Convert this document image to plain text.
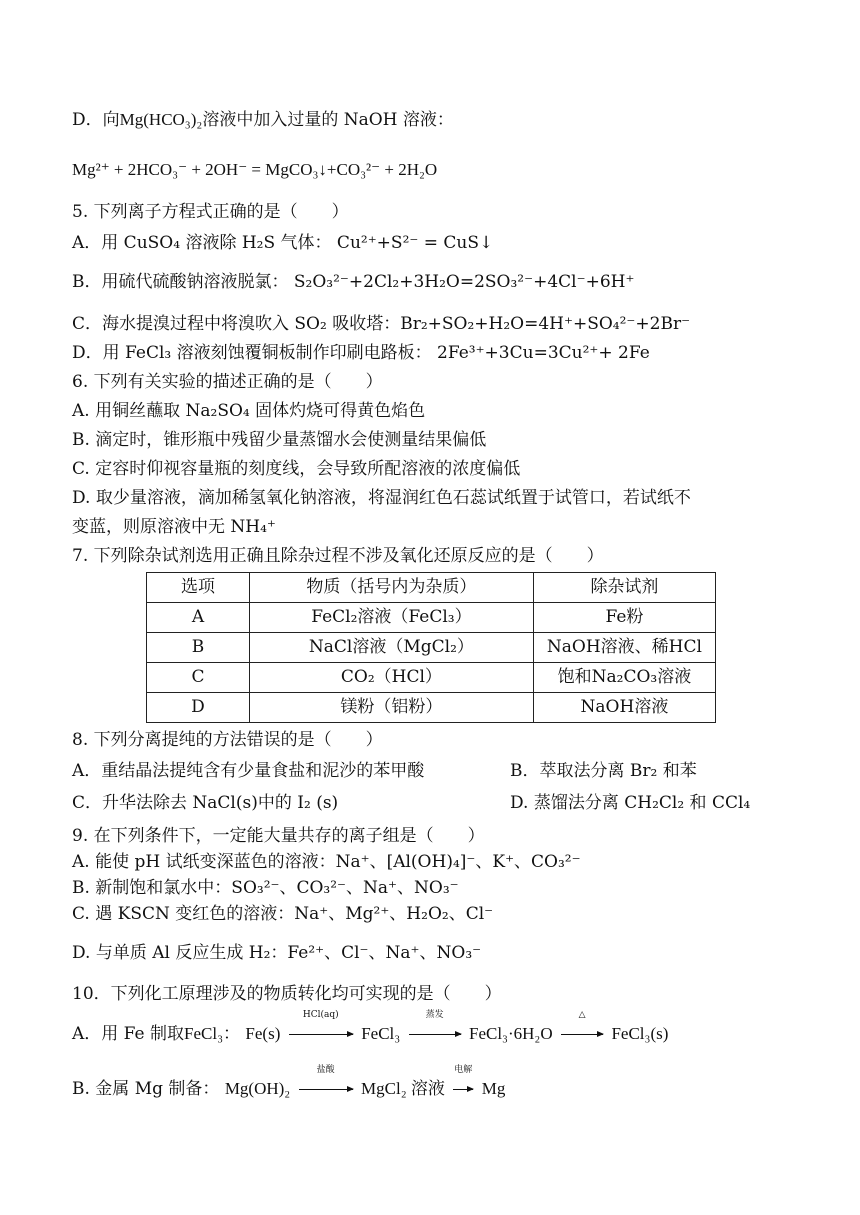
D．向Mg(HCO₃)₂溶液中加入过量的 NaOH 溶液：
Mg²⁺ + 2HCO₃⁻ + 2OH⁻ = MgCO₃↓+CO₃²⁻ + 2H₂O
5. 下列离子方程式正确的是（　　）
A．用 CuSO₄ 溶液除 H₂S 气体： Cu²⁺+S²⁻ = CuS↓
B．用硫代硫酸钠溶液脱氯： S₂O₃²⁻+2Cl₂+3H₂O=2SO₃²⁻+4Cl⁻+6H⁺
C．海水提溴过程中将溴吹入 SO₂ 吸收塔：Br₂+SO₂+H₂O=4H⁺+SO₄²⁻+2Br⁻
D．用 FeCl₃ 溶液刻蚀覆铜板制作印刷电路板： 2Fe³⁺+3Cu=3Cu²⁺+ 2Fe
6. 下列有关实验的描述正确的是（　　）
A. 用铜丝蘸取 Na₂SO₄ 固体灼烧可得黄色焰色
B. 滴定时，锥形瓶中残留少量蒸馏水会使测量结果偏低
C. 定容时仰视容量瓶的刻度线，会导致所配溶液的浓度偏低
D. 取少量溶液，滴加稀氢氧化钠溶液，将湿润红色石蕊试纸置于试管口，若试纸不
变蓝，则原溶液中无 NH₄⁺
7. 下列除杂试剂选用正确且除杂过程不涉及氧化还原反应的是（　　）
选项	物质（括号内为杂质）	除杂试剂
A	FeCl₂溶液（FeCl₃）	Fe粉
B	NaCl溶液（MgCl₂）	NaOH溶液、稀HCl
C	CO₂（HCl）	饱和Na₂CO₃溶液
D	镁粉（铝粉）	NaOH溶液
8. 下列分离提纯的方法错误的是（　　）
A．重结晶法提纯含有少量食盐和泥沙的苯甲酸	B．萃取法分离 Br₂ 和苯
C．升华法除去 NaCl(s)中的 I₂ (s)	D. 蒸馏法分离 CH₂Cl₂ 和 CCl₄
9. 在下列条件下，一定能大量共存的离子组是（　　）
A. 能使 pH 试纸变深蓝色的溶液：Na⁺、[Al(OH)₄]⁻、K⁺、CO₃²⁻
B. 新制饱和氯水中：SO₃²⁻、CO₃²⁻、Na⁺、NO₃⁻
C. 遇 KSCN 变红色的溶液：Na⁺、Mg²⁺、H₂O₂、Cl⁻
D. 与单质 Al 反应生成 H₂：Fe²⁺、Cl⁻、Na⁺、NO₃⁻
10．下列化工原理涉及的物质转化均可实现的是（　　）
A．用 Fe 制取FeCl₃： Fe(s)
HCl(aq)
FeCl₃
蒸发
FeCl₃·6H₂O
△
FeCl₃(s)
B. 金属 Mg 制备： Mg(OH)₂
盐酸
MgCl₂ 溶液
电解
Mg
